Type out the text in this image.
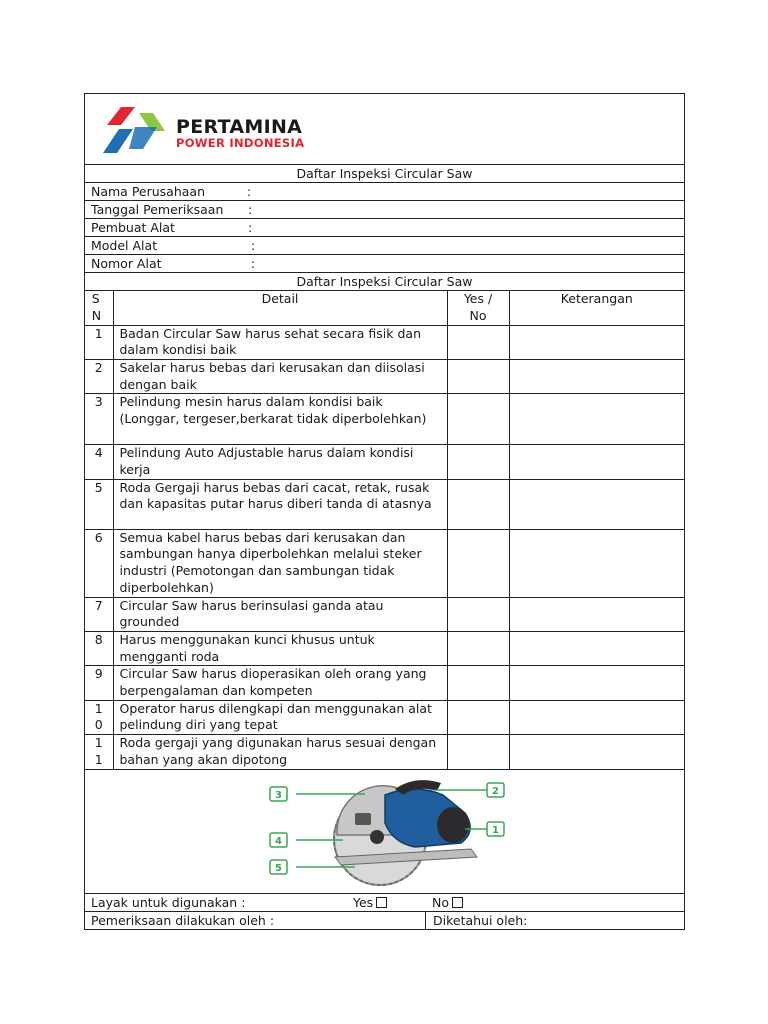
PERTAMINA
POWER INDONESIA
Daftar Inspeksi Circular Saw
Nama Perusahaan	:
Tanggal Pemeriksaan :
Pembuat Alat	:
Model Alat	:
Nomor Alat	:
Daftar Inspeksi Circular Saw
S N	Detail	Yes / No	Keterangan
1	Badan Circular Saw harus sehat secara fisik dan dalam kondisi baik		
2	Sakelar harus bebas dari kerusakan dan diisolasi dengan baik		
3	Pelindung mesin harus dalam kondisi baik (Longgar, tergeser,berkarat tidak diperbolehkan)		
4	Pelindung Auto Adjustable harus dalam kondisi kerja		
5	Roda Gergaji harus bebas dari cacat, retak, rusak dan kapasitas putar harus diberi tanda di atasnya		
6	Semua kabel harus bebas dari kerusakan dan sambungan hanya diperbolehkan melalui steker industri (Pemotongan dan sambungan tidak diperbolehkan)		
7	Circular Saw harus berinsulasi ganda atau grounded		
8	Harus menggunakan kunci khusus untuk mengganti roda		
9	Circular Saw harus dioperasikan oleh orang yang berpengalaman dan kompeten		

10	Operator harus dilengkapi dan menggunakan alat pelindung diri yang tepat		

11	Roda gergaji yang digunakan harus sesuai dengan bahan yang akan dipotong		
3	2
1
4
5
Layak untuk digunakan :	Yes	No
Pemeriksaan dilakukan oleh :	Diketahui oleh:
